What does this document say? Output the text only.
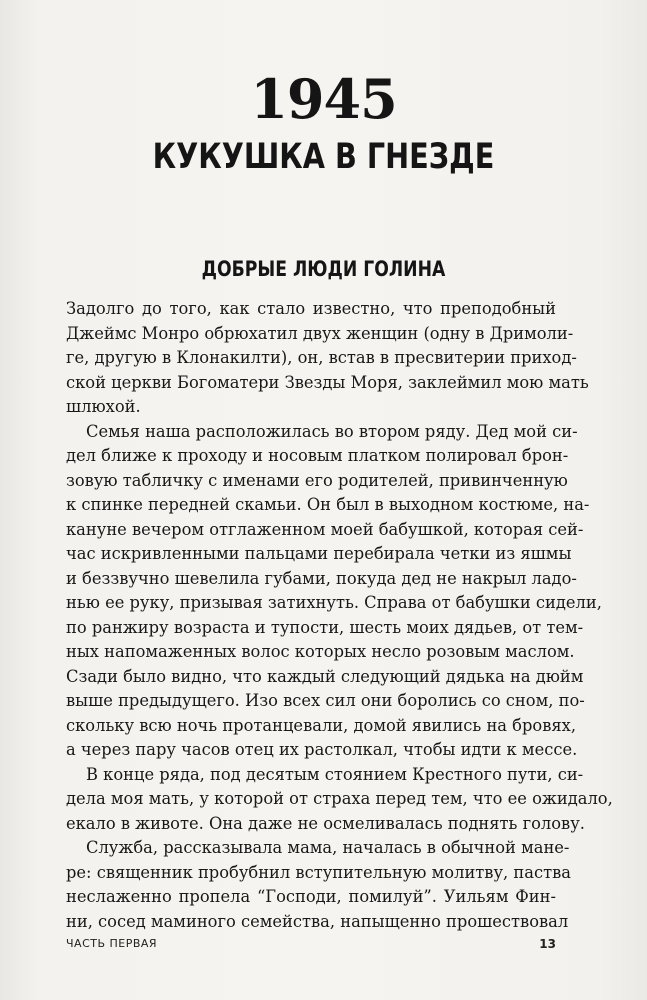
1945
КУКУШКА В ГНЕЗДЕ
ДОБРЫЕ ЛЮДИ ГОЛИНА
Задолго до того, как стало известно, что преподобный
Джеймс Монро обрюхатил двух женщин (одну в Дримоли-
ге, другую в Клонакилти), он, встав в пресвитерии приход-
ской церкви Богоматери Звезды Моря, заклеймил мою мать
шлюхой.
Семья наша расположилась во втором ряду. Дед мой си-
дел ближе к проходу и носовым платком полировал брон-
зовую табличку с именами его родителей, привинченную
к спинке передней скамьи. Он был в выходном костюме, на-
кануне вечером отглаженном моей бабушкой, которая сей-
час искривленными пальцами перебирала четки из яшмы
и беззвучно шевелила губами, покуда дед не накрыл ладо-
нью ее руку, призывая затихнуть. Справа от бабушки сидели,
по ранжиру возраста и тупости, шесть моих дядьев, от тем-
ных напомаженных волос которых несло розовым маслом.
Сзади было видно, что каждый следующий дядька на дюйм
выше предыдущего. Изо всех сил они боролись со сном, по-
скольку всю ночь протанцевали, домой явились на бровях,
а через пару часов отец их растолкал, чтобы идти к мессе.
В конце ряда, под десятым стоянием Крестного пути, си-
дела моя мать, у которой от страха перед тем, что ее ожидало,
екало в животе. Она даже не осмеливалась поднять голову.
Служба, рассказывала мама, началась в обычной мане-
ре: священник пробубнил вступительную молитву, паства
неслаженно пропела “Господи, помилуй”. Уильям Фин-
ни, сосед маминого семейства, напыщенно прошествовал
ЧАСТЬ ПЕРВАЯ	13
